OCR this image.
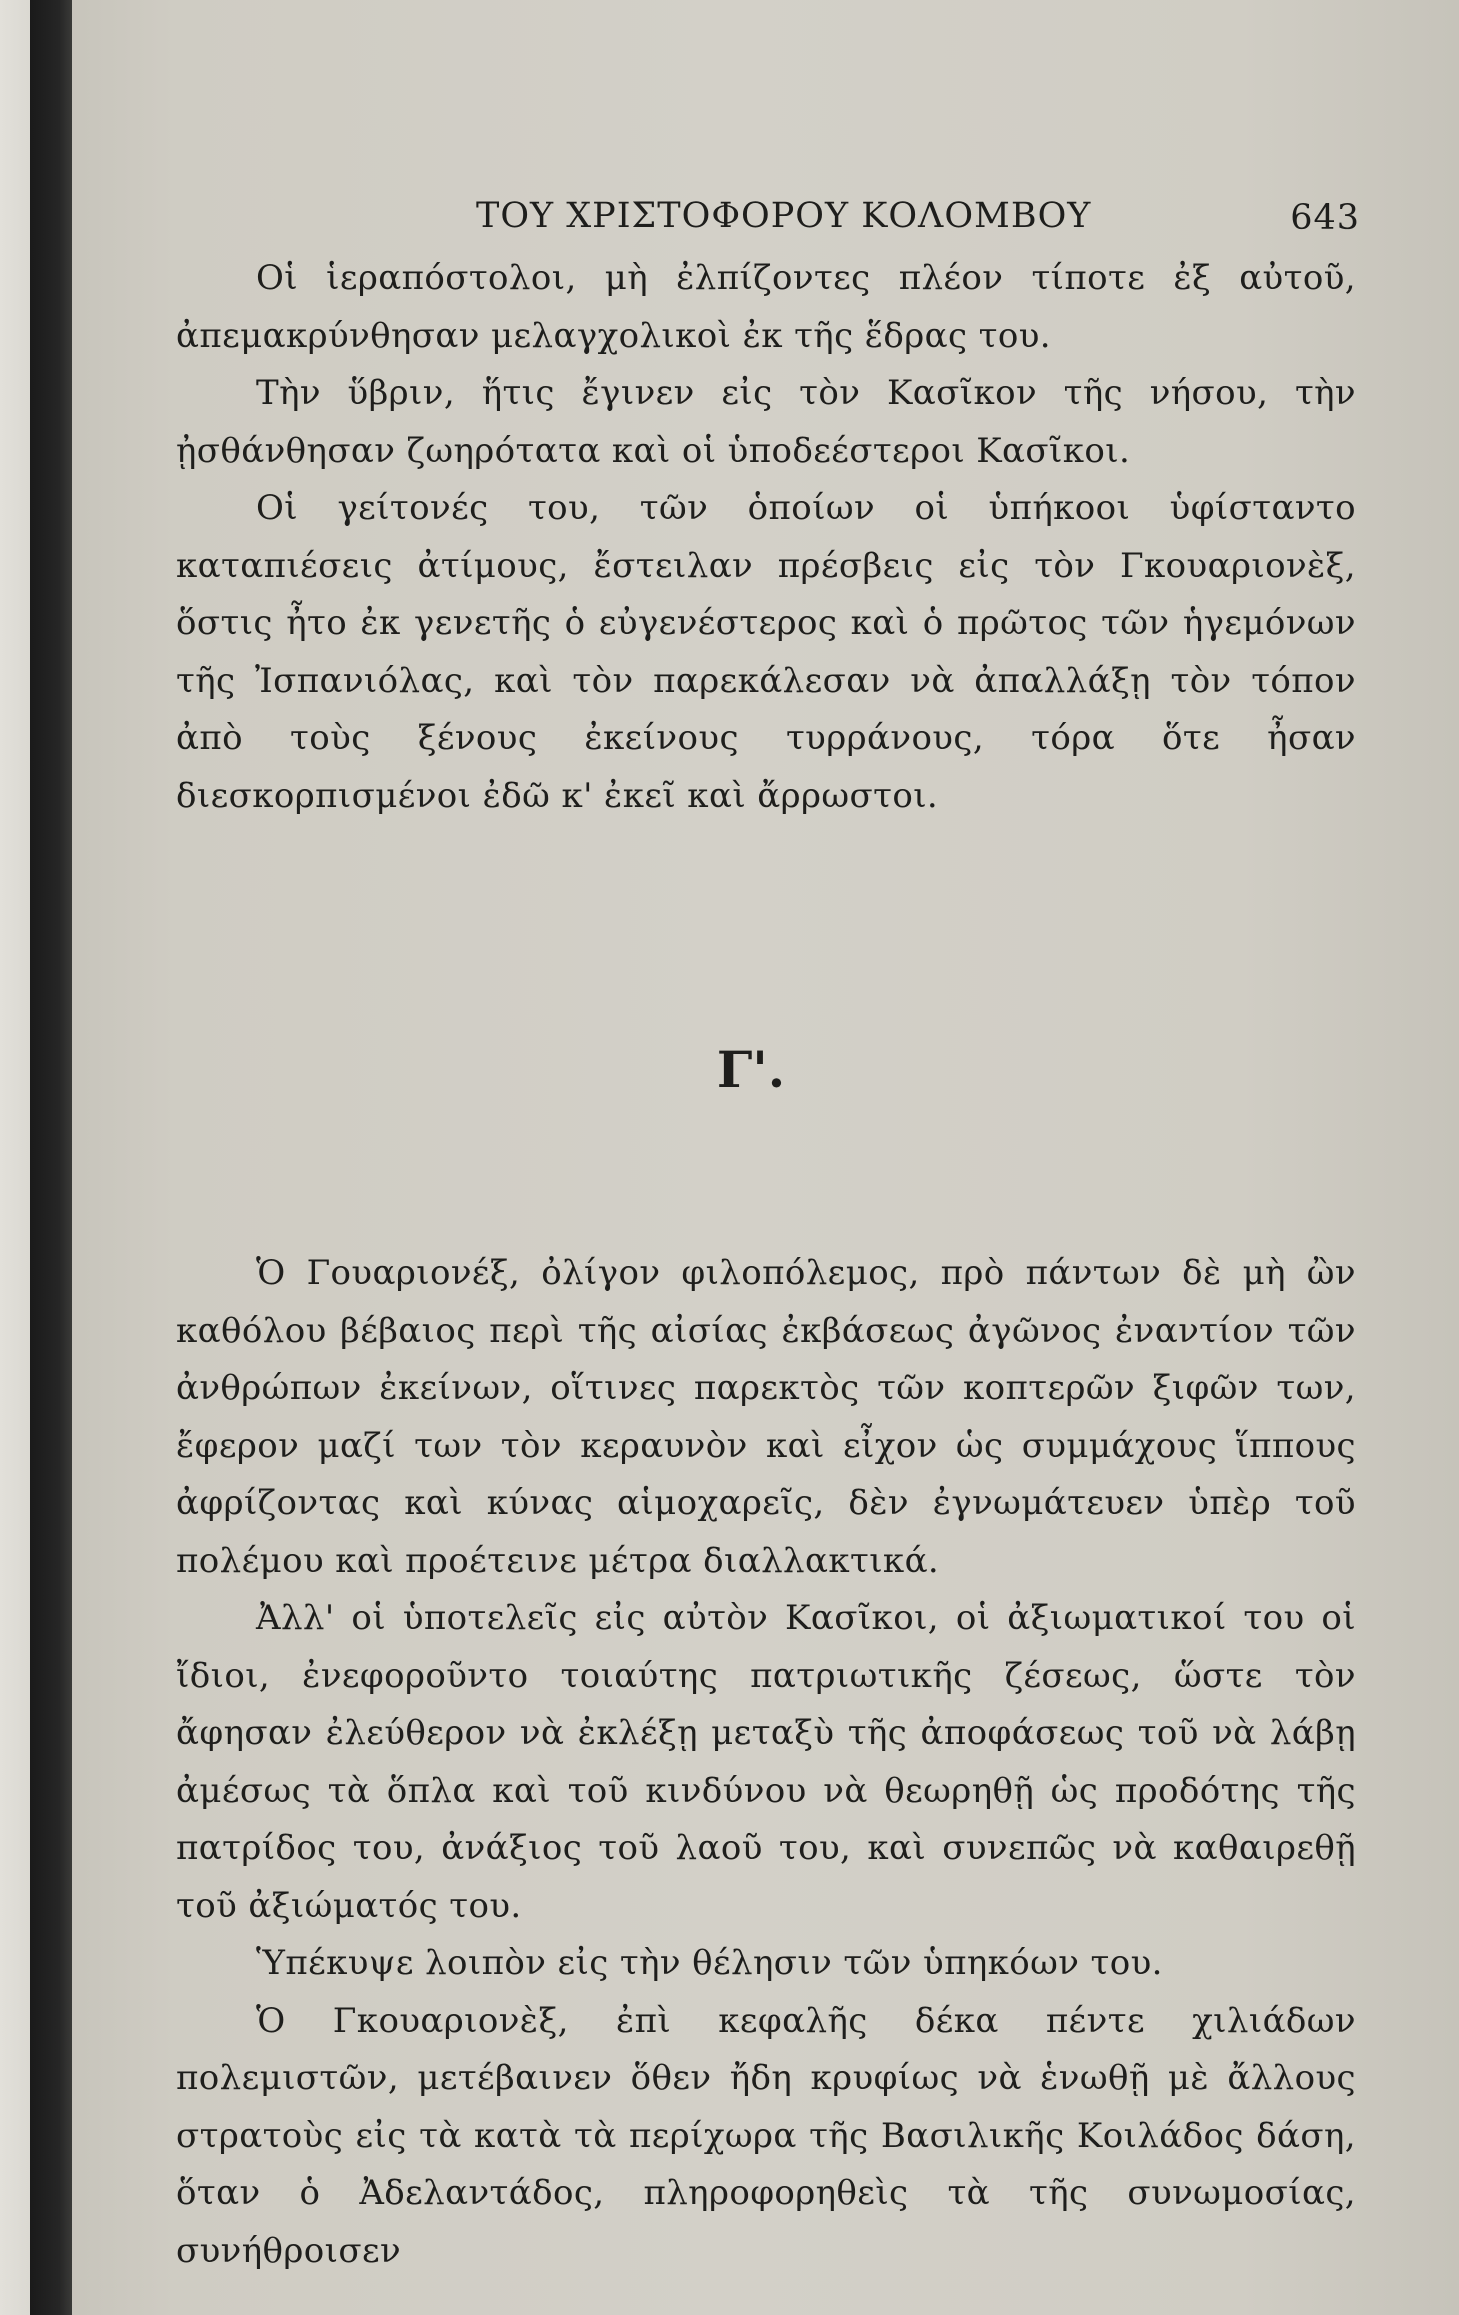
ΤΟΥ ΧΡΙΣΤΟΦΟΡΟΥ ΚΟΛΟΜΒΟΥ	643

Οἱ ἱεραπόστολοι, μὴ ἐλπίζοντες πλέον τίποτε ἐξ αὐτοῦ, ἀπεμακρύνθησαν μελαγχολικοὶ ἐκ τῆς ἕδρας του.

Τὴν ὕβριν, ἥτις ἔγινεν εἰς τὸν Κασῖκον τῆς νήσου, τὴν ᾐσθάνθησαν ζωηρότατα καὶ οἱ ὑποδεέστεροι Κασῖκοι.

Οἱ γείτονές του, τῶν ὁποίων οἱ ὑπήκοοι ὑφίσταντο καταπιέσεις ἀτίμους, ἔστειλαν πρέσβεις εἰς τὸν Γκουαριονὲξ, ὅστις ἦτο ἐκ γενετῆς ὁ εὐγενέστερος καὶ ὁ πρῶτος τῶν ἡγεμόνων τῆς Ἰσπανιόλας, καὶ τὸν παρεκάλεσαν νὰ ἀπαλλάξῃ τὸν τόπον ἀπὸ τοὺς ξένους ἐκείνους τυρράνους, τόρα ὅτε ἦσαν διεσκορπισμένοι ἐδῶ κ' ἐκεῖ καὶ ἄρρωστοι.

Γ'.

Ὁ Γουαριονέξ, ὀλίγον φιλοπόλεμος, πρὸ πάντων δὲ μὴ ὢν καθόλου βέβαιος περὶ τῆς αἰσίας ἐκβάσεως ἀγῶνος ἐναντίον τῶν ἀνθρώπων ἐκείνων, οἵτινες παρεκτὸς τῶν κοπτερῶν ξιφῶν των, ἔφερον μαζί των τὸν κεραυνὸν καὶ εἶχον ὡς συμμάχους ἵππους ἀφρίζοντας καὶ κύνας αἱμοχαρεῖς, δὲν ἐγνωμάτευεν ὑπὲρ τοῦ πολέμου καὶ προέτεινε μέτρα διαλλακτικά.

Ἀλλ' οἱ ὑποτελεῖς εἰς αὐτὸν Κασῖκοι, οἱ ἀξιωματικοί του οἱ ἴδιοι, ἐνεφοροῦντο τοιαύτης πατριωτικῆς ζέσεως, ὥστε τὸν ἄφησαν ἐλεύθερον νὰ ἐκλέξῃ μεταξὺ τῆς ἀποφάσεως τοῦ νὰ λάβῃ ἀμέσως τὰ ὅπλα καὶ τοῦ κινδύνου νὰ θεωρηθῇ ὡς προδότης τῆς πατρίδος του, ἀνάξιος τοῦ λαοῦ του, καὶ συνεπῶς νὰ καθαιρεθῇ τοῦ ἀξιώματός του.

Ὑπέκυψε λοιπὸν εἰς τὴν θέλησιν τῶν ὑπηκόων του.

Ὁ Γκουαριονὲξ, ἐπὶ κεφαλῆς δέκα πέντε χιλιάδων πολεμιστῶν, μετέβαινεν ὅθεν ἤδη κρυφίως νὰ ἑνωθῇ μὲ ἄλλους στρατοὺς εἰς τὰ κατὰ τὰ περίχωρα τῆς Βασιλικῆς Κοιλάδος δάση, ὅταν ὁ Ἀδελαντάδος, πληροφορηθεὶς τὰ τῆς συνωμοσίας, συνήθροισεν
